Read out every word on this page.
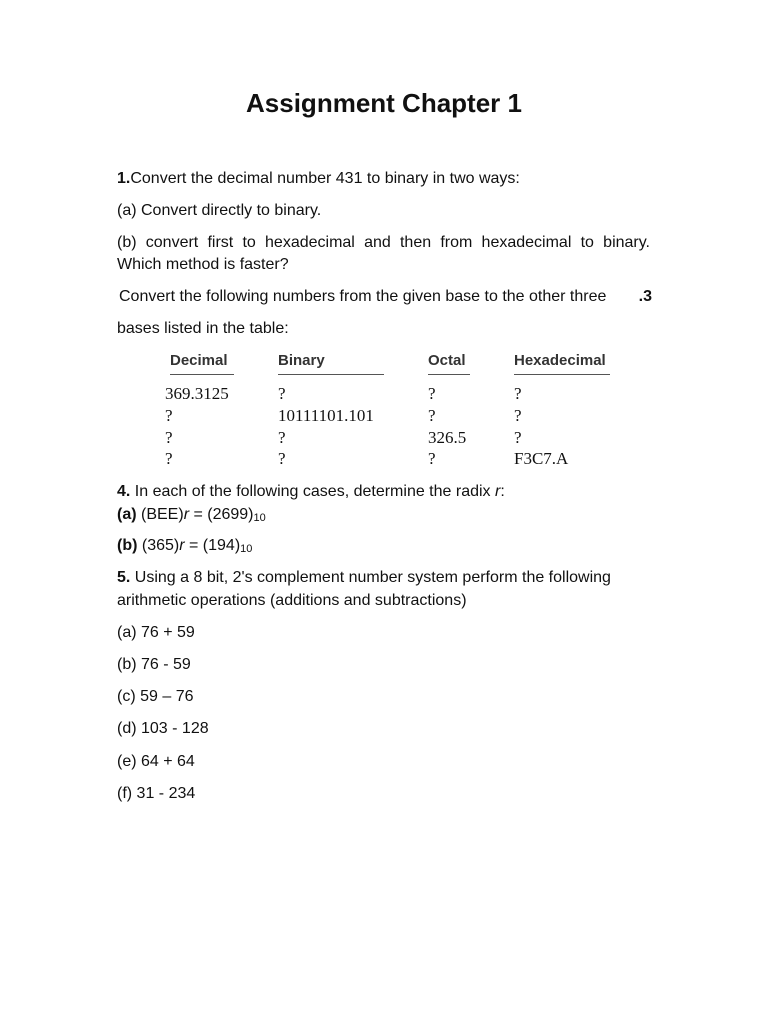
Assignment Chapter 1

1.Convert the decimal number 431 to binary in two ways:

(a) Convert directly to binary.

(b) convert first to hexadecimal and then from hexadecimal to binary. Which method is faster?

Convert the following numbers from the given base to the other three .3

bases listed in the table:

Decimal	Binary	Octal	Hexadecimal
369.3125	?	?	?
?	10111101.101	?	?
?	?	326.5	?
?	?	?	F3C7.A

4. In each of the following cases, determine the radix r:

(a) $(BEE)r = (2699)_{10}$

(b) $(365)r = (194)_{10}$

5. Using a 8 bit, 2's complement number system perform the following

arithmetic operations (additions and subtractions)

(a) 76 + 59

(b) 76 - 59

(c) 59 – 76

(d) 103 - 128

(e) 64 + 64

(f) 31 - 234
